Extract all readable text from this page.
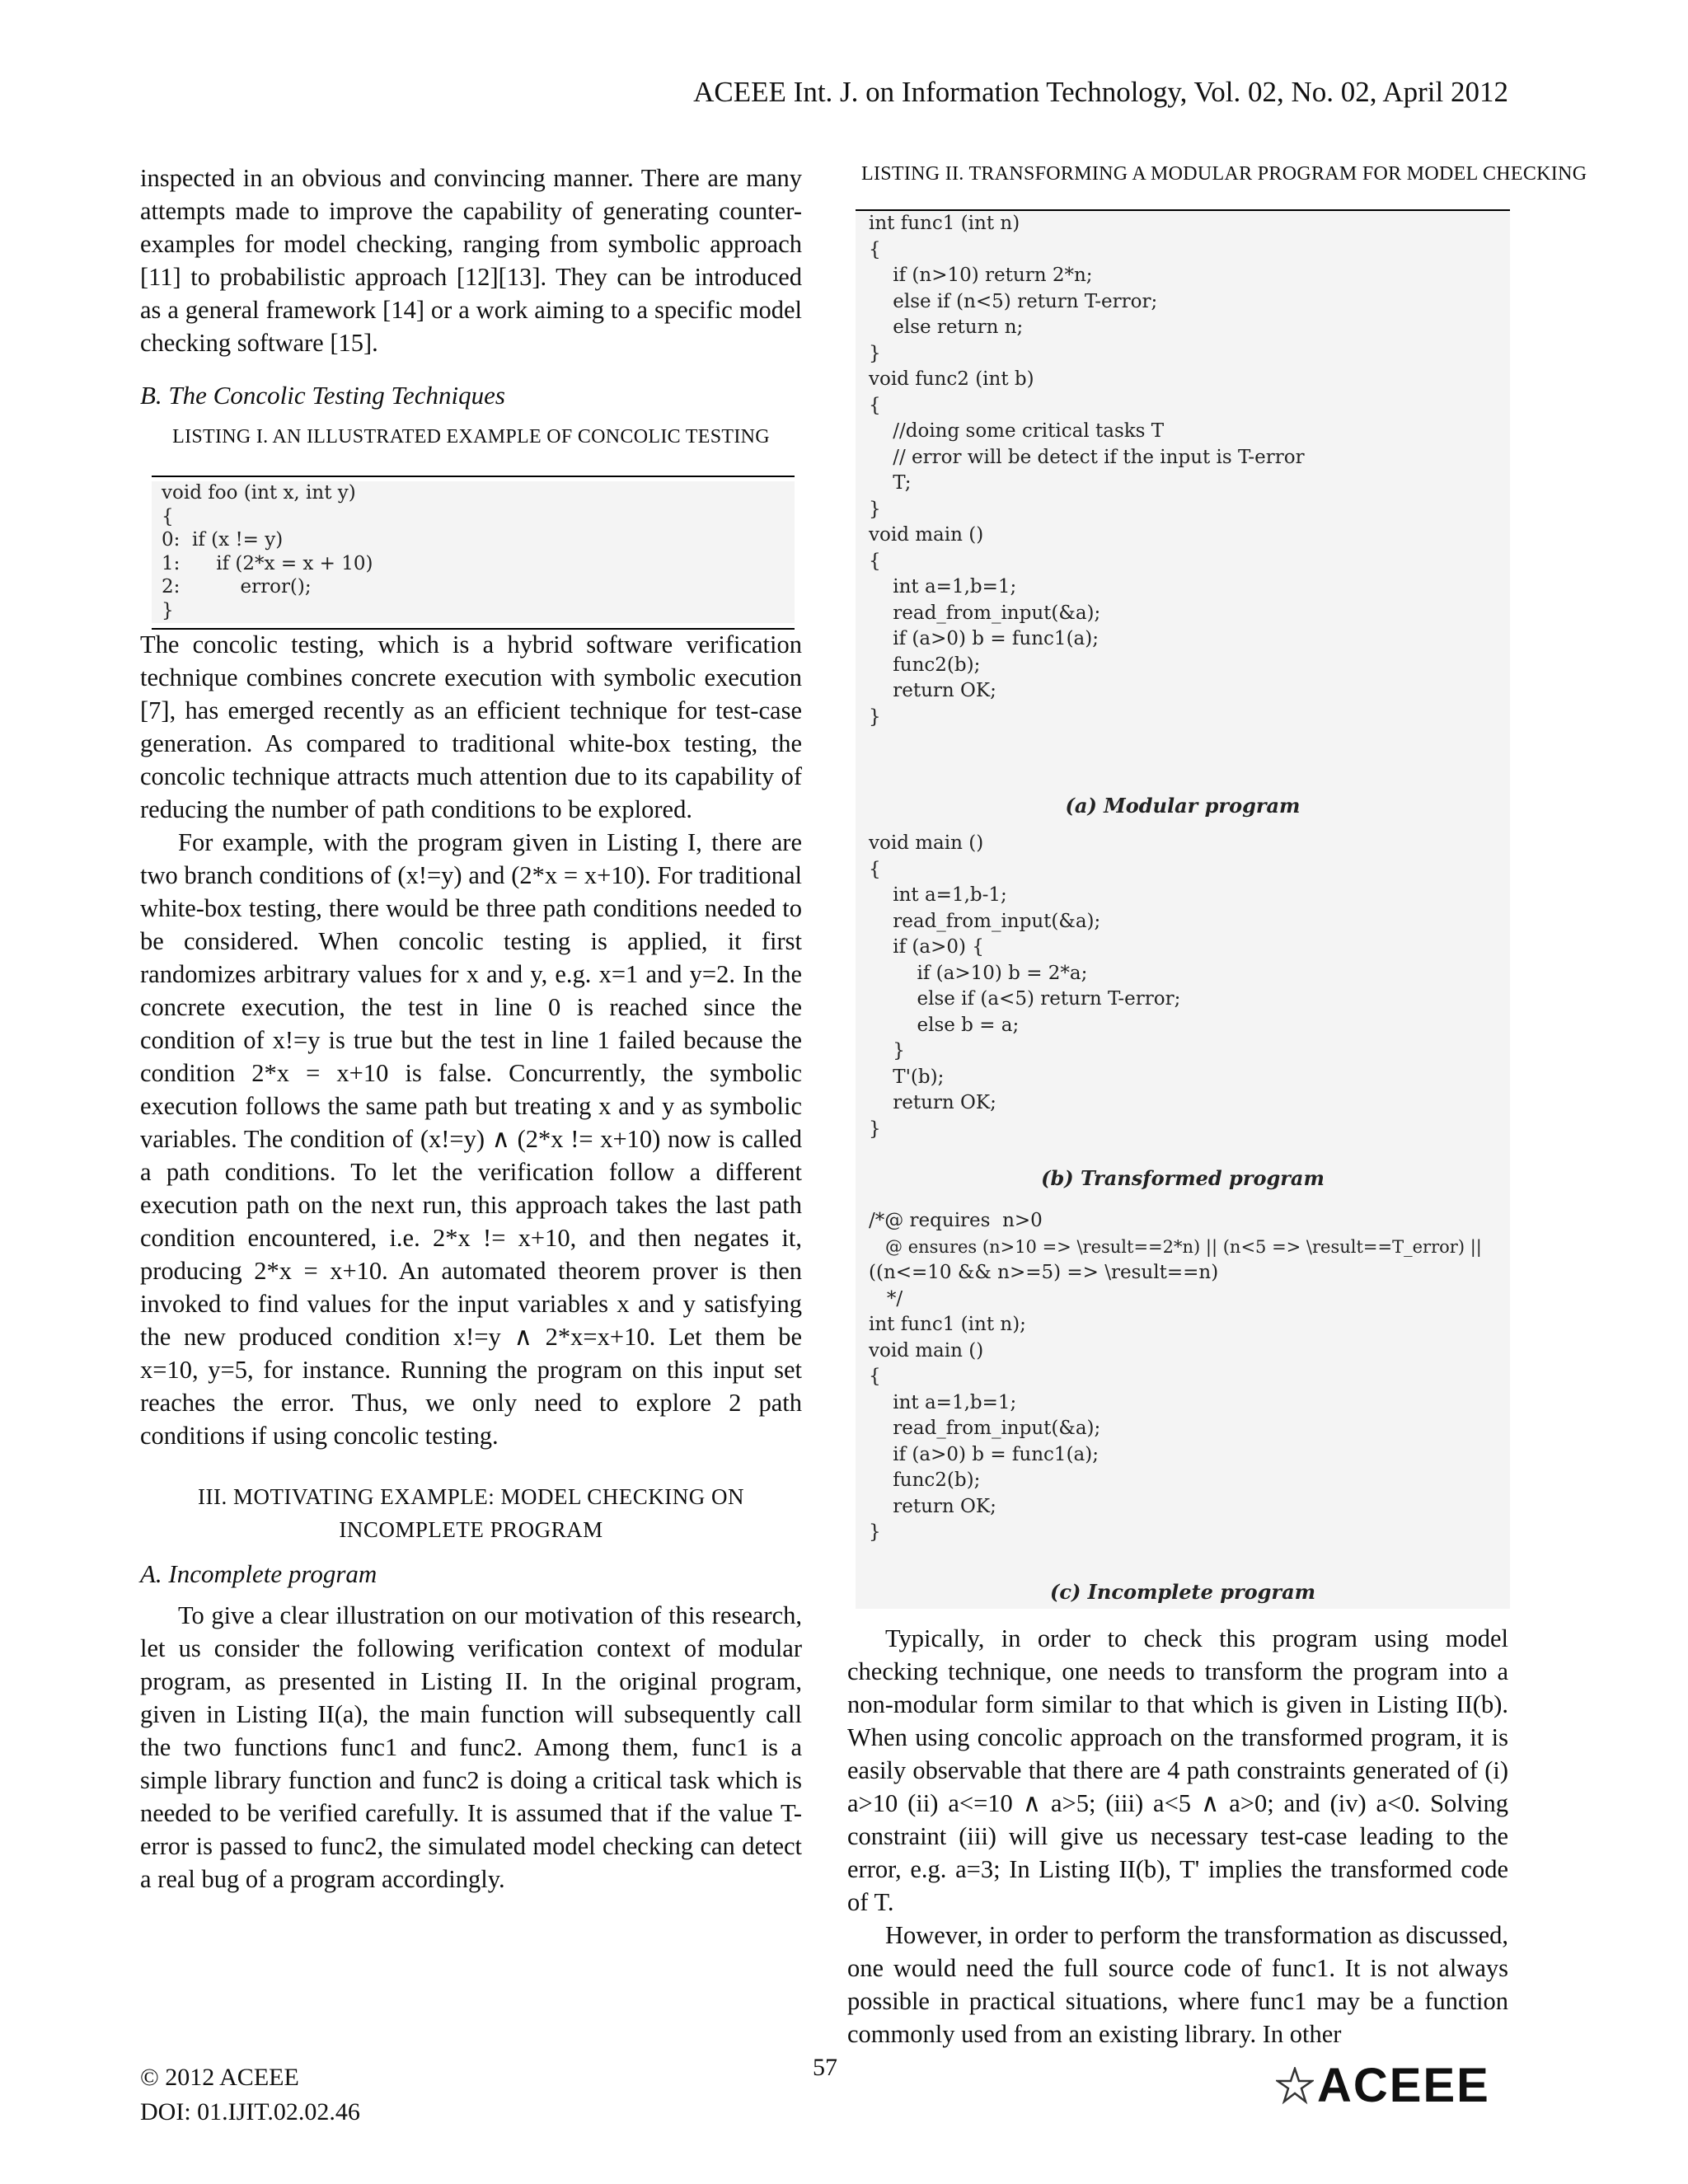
ACEEE Int. J. on Information Technology, Vol. 02, No. 02, April 2012

inspected in an obvious and convincing manner. There are many attempts made to improve the capability of generating counter-examples for model checking, ranging from symbolic approach [11] to probabilistic approach [12][13]. They can be introduced as a general framework [14] or a work aiming to a specific model checking software [15].

B. The Concolic Testing Techniques
LISTING I. AN ILLUSTRATED EXAMPLE OF CONCOLIC TESTING

The concolic testing, which is a hybrid software verification technique combines concrete execution with symbolic execution [7], has emerged recently as an efficient technique for test-case generation. As compared to traditional white-box testing, the concolic technique attracts much attention due to its capability of reducing the number of path conditions to be explored.

For example, with the program given in Listing I, there are two branch conditions of (x!=y) and (2*x = x+10). For traditional white-box testing, there would be three path conditions needed to be considered. When concolic testing is applied, it first randomizes arbitrary values for x and y, e.g. x=1 and y=2. In the concrete execution, the test in line 0 is reached since the condition of x!=y is true but the test in line 1 failed because the condition 2*x = x+10 is false. Concurrently, the symbolic execution follows the same path but treating x and y as symbolic variables. The condition of (x!=y) ∧ (2*x != x+10) now is called a path conditions. To let the verification follow a different execution path on the next run, this approach takes the last path condition encountered, i.e. 2*x != x+10, and then negates it, producing 2*x = x+10. An automated theorem prover is then invoked to find values for the input variables x and y satisfying the new produced condition x!=y ∧ 2*x=x+10. Let them be x=10, y=5, for instance. Running the program on this input set reaches the error. Thus, we only need to explore 2 path conditions if using concolic testing.

III. MOTIVATING EXAMPLE: MODEL CHECKING ON INCOMPLETE PROGRAM
A. Incomplete program

To give a clear illustration on our motivation of this research, let us consider the following verification context of modular program, as presented in Listing II. In the original program, given in Listing II(a), the main function will subsequently call the two functions func1 and func2. Among them, func1 is a simple library function and func2 is doing a critical task which is needed to be verified carefully. It is assumed that if the value T-error is passed to func2, the simulated model checking can detect a real bug of a program accordingly.

void foo (int x, int y)
{
0:  if (x != y)
1:      if (2*x = x + 10)
2:          error();
}
LISTING II. TRANSFORMING A MODULAR PROGRAM FOR MODEL CHECKING
int func1 (int n)
{
if (n>10) return 2*n;
else if (n<5) return T-error;
else return n;
}
void func2 (int b)
{
//doing some critical tasks T
// error will be detect if the input is T-error
T;
}
void main ()
{
int a=1,b=1;
read_from_input(&a);
if (a>0) b = func1(a);
func2(b);
return OK;
}
(a) Modular program
void main ()
{
int a=1,b-1;
read_from_input(&a);
if (a>0) {
if (a>10) b = 2*a;
else if (a<5) return T-error;
else b = a;
}
T'(b);
return OK;
}
(b) Transformed program
/*@ requires  n>0
@ ensures (n>10 => \result==2*n) || (n<5 => \result==T_error) ||
((n<=10 && n>=5) => \result==n)
*/
int func1 (int n);
void main ()
{
int a=1,b=1;
read_from_input(&a);
if (a>0) b = func1(a);
func2(b);
return OK;
}
(c) Incomplete program

Typically, in order to check this program using model checking technique, one needs to transform the program into a non-modular form similar to that which is given in Listing II(b). When using concolic approach on the transformed program, it is easily observable that there are 4 path constraints generated of (i) a>10 (ii) a<=10 ∧ a>5; (iii) a<5 ∧ a>0; and (iv) a<0. Solving constraint (iii) will give us necessary test-case leading to the error, e.g. a=3; In Listing II(b), T' implies the transformed code of T.

However, in order to perform the transformation as discussed, one would need the full source code of func1. It is not always possible in practical situations, where func1 may be a function commonly used from an existing library. In other

© 2012 ACEEE
DOI: 01.IJIT.02.02.46
57	ACEEE
